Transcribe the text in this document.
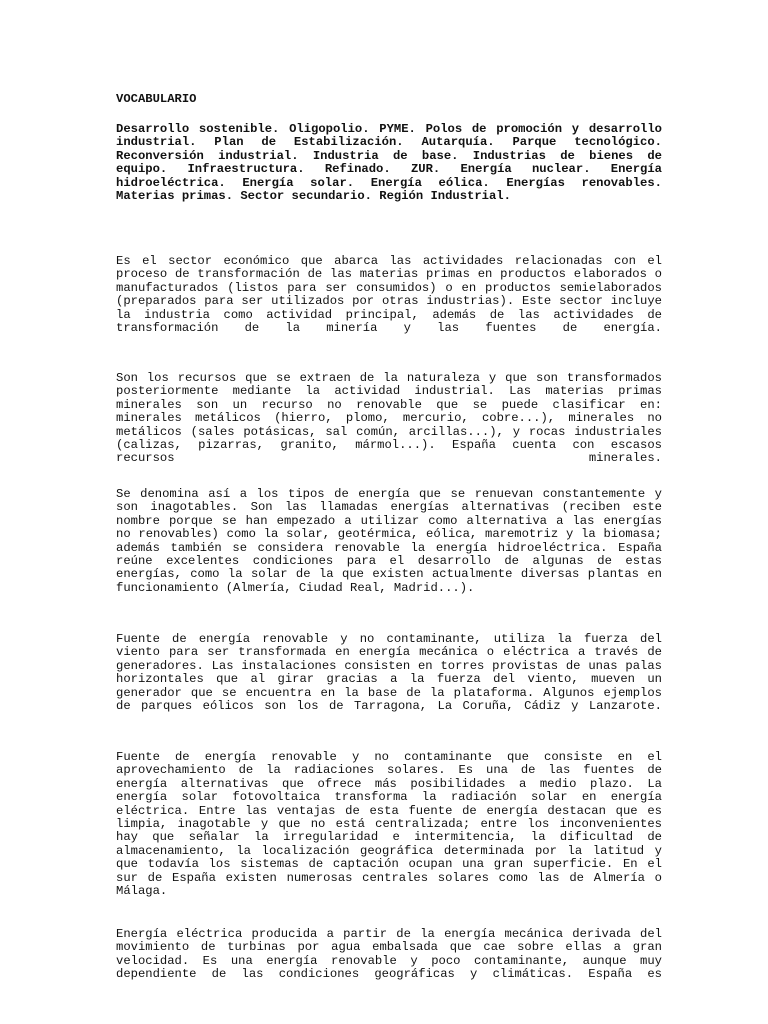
VOCABULARIO

Desarrollo sostenible. Oligopolio. PYME. Polos de promoción y desarrollo industrial. Plan de Estabilización. Autarquía. Parque tecnológico. Reconversión industrial. Industria de base. Industrias de bienes de equipo. Infraestructura. Refinado. ZUR. Energía nuclear. Energía hidroeléctrica. Energía solar. Energía eólica. Energías renovables. Materias primas. Sector secundario. Región Industrial.

Es el sector económico que abarca las actividades relacionadas con el proceso de transformación de las materias primas en productos elaborados o manufacturados (listos para ser consumidos) o en productos semielaborados (preparados para ser utilizados por otras industrias). Este sector incluye la industria como actividad principal, además de las actividades de transformación de la minería y las fuentes de energía.

Son los recursos que se extraen de la naturaleza y que son transformados posteriormente mediante la actividad industrial. Las materias primas minerales son un recurso no renovable que se puede clasificar en: minerales metálicos (hierro, plomo, mercurio, cobre...), minerales no metálicos (sales potásicas, sal común, arcillas...), y rocas industriales (calizas, pizarras, granito, mármol...). España cuenta con escasos recursos minerales.

Se denomina así a los tipos de energía que se renuevan constantemente y son inagotables. Son las llamadas energías alternativas (reciben este nombre porque se han empezado a utilizar como alternativa a las energías no renovables) como la solar, geotérmica, eólica, maremotriz y la biomasa; además también se considera renovable la energía hidroeléctrica. España reúne excelentes condiciones para el desarrollo de algunas de estas energías, como la solar de la que existen actualmente diversas plantas en funcionamiento (Almería, Ciudad Real, Madrid...).

Fuente de energía renovable y no contaminante, utiliza la fuerza del viento para ser transformada en energía mecánica o eléctrica a través de generadores. Las instalaciones consisten en torres provistas de unas palas horizontales que al girar gracias a la fuerza del viento, mueven un generador que se encuentra en la base de la plataforma. Algunos ejemplos de parques eólicos son los de Tarragona, La Coruña, Cádiz y Lanzarote.

Fuente de energía renovable y no contaminante que consiste en el aprovechamiento de la radiaciones solares. Es una de las fuentes de energía alternativas que ofrece más posibilidades a medio plazo. La energía solar fotovoltaica transforma la radiación solar en energía eléctrica. Entre las ventajas de esta fuente de energía destacan que es limpia, inagotable y que no está centralizada; entre los inconvenientes hay que señalar la irregularidad e intermitencia, la dificultad de almacenamiento, la localización geográfica determinada por la latitud y que todavía los sistemas de captación ocupan una gran superficie. En el sur de España existen numerosas centrales solares como las de Almería o Málaga.

Energía eléctrica producida a partir de la energía mecánica derivada del movimiento de turbinas por agua embalsada que cae sobre ellas a gran velocidad. Es una energía renovable y poco contaminante, aunque muy dependiente de las condiciones geográficas y climáticas. España es
